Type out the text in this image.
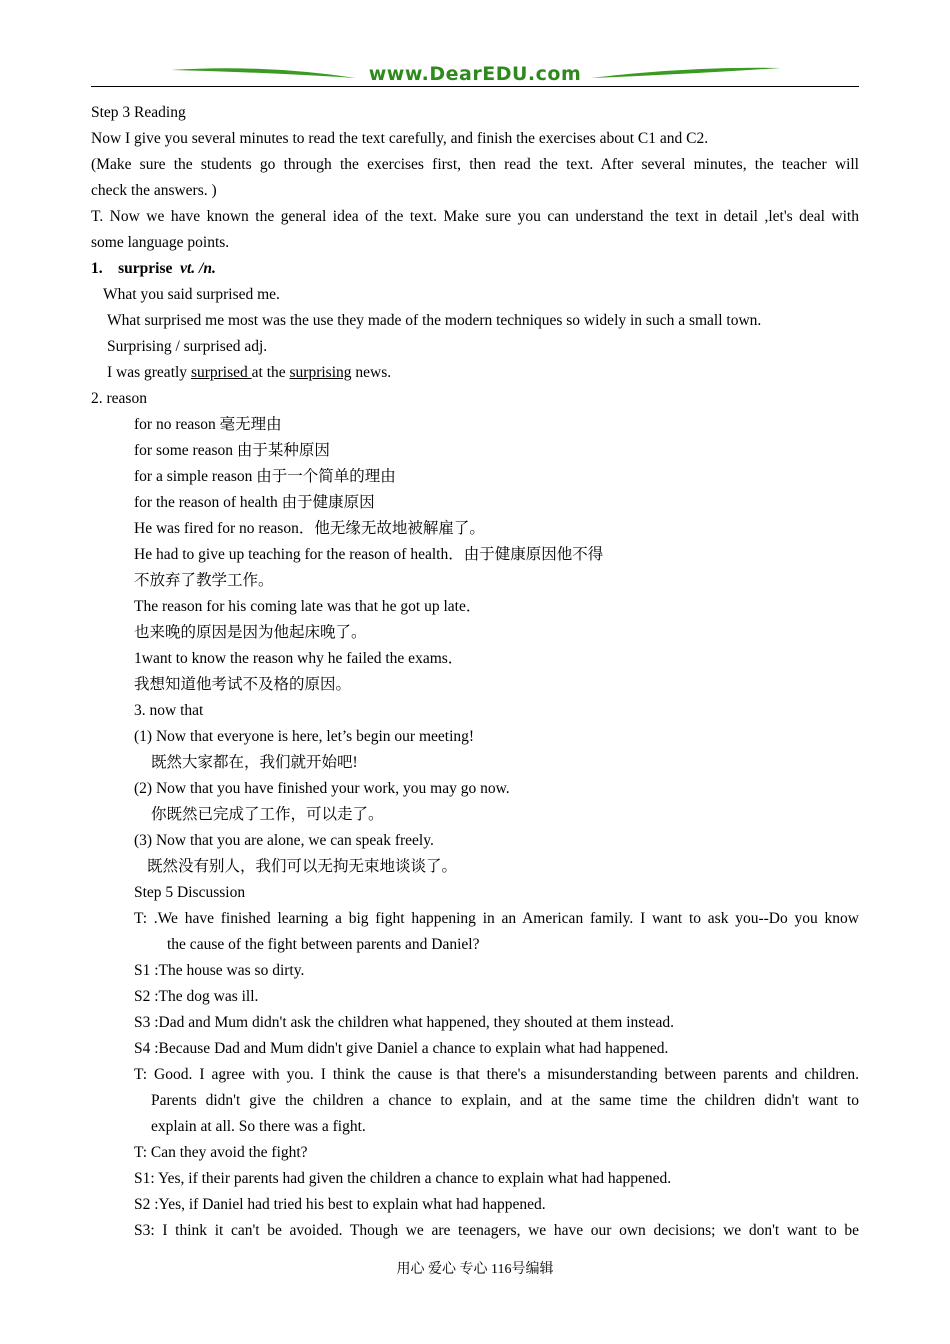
www.DearEDU.com
Step 3 Reading
Now I give you several minutes to read the text carefully, and finish the exercises about C1 and C2.
(Make sure the students go through the exercises first, then read the text. After several minutes, the teacher will
check the answers. )
T. Now we have known the general idea of the text. Make sure you can understand the text in detail ,let's deal with
some language points.
1. surprise vt. /n.
What you said surprised me.
What surprised me most was the use they made of the modern techniques so widely in such a small town.
Surprising / surprised adj.
I was greatly surprised at the surprising news.
2. reason
for no reason 毫无理由
for some reason 由于某种原因
for a simple reason 由于一个简单的理由
for the reason of health 由于健康原因
He was fired for no reason．他无缘无故地被解雇了。
He had to give up teaching for the reason of health．由于健康原因他不得
不放弃了教学工作。
The reason for his coming late was that he got up late．
也来晚的原因是因为他起床晚了。
1want to know the reason why he failed the exams．
我想知道他考试不及格的原因。
3. now that
(1) Now that everyone is here, let’s begin our meeting!
既然大家都在，我们就开始吧!
(2) Now that you have finished your work, you may go now.
你既然已完成了工作，可以走了。
(3) Now that you are alone, we can speak freely.
既然没有别人，我们可以无拘无束地谈谈了。
Step 5 Discussion
T: .We have finished learning a big fight happening in an American family. I want to ask you--Do you know
the cause of the fight between parents and Daniel?
S1 :The house was so dirty.
S2 :The dog was ill.
S3 :Dad and Mum didn't ask the children what happened, they shouted at them instead.
S4 :Because Dad and Mum didn't give Daniel a chance to explain what had happened.
T: Good. I agree with you. I think the cause is that there's a misunderstanding between parents and children.
Parents didn't give the children a chance to explain, and at the same time the children didn't want to
explain at all. So there was a fight.
T: Can they avoid the fight?
S1: Yes, if their parents had given the children a chance to explain what had happened.
S2 :Yes, if Daniel had tried his best to explain what had happened.
S3: I think it can't be avoided. Though we are teenagers, we have our own decisions; we don't want to be
用心 爱心 专心 116号编辑
